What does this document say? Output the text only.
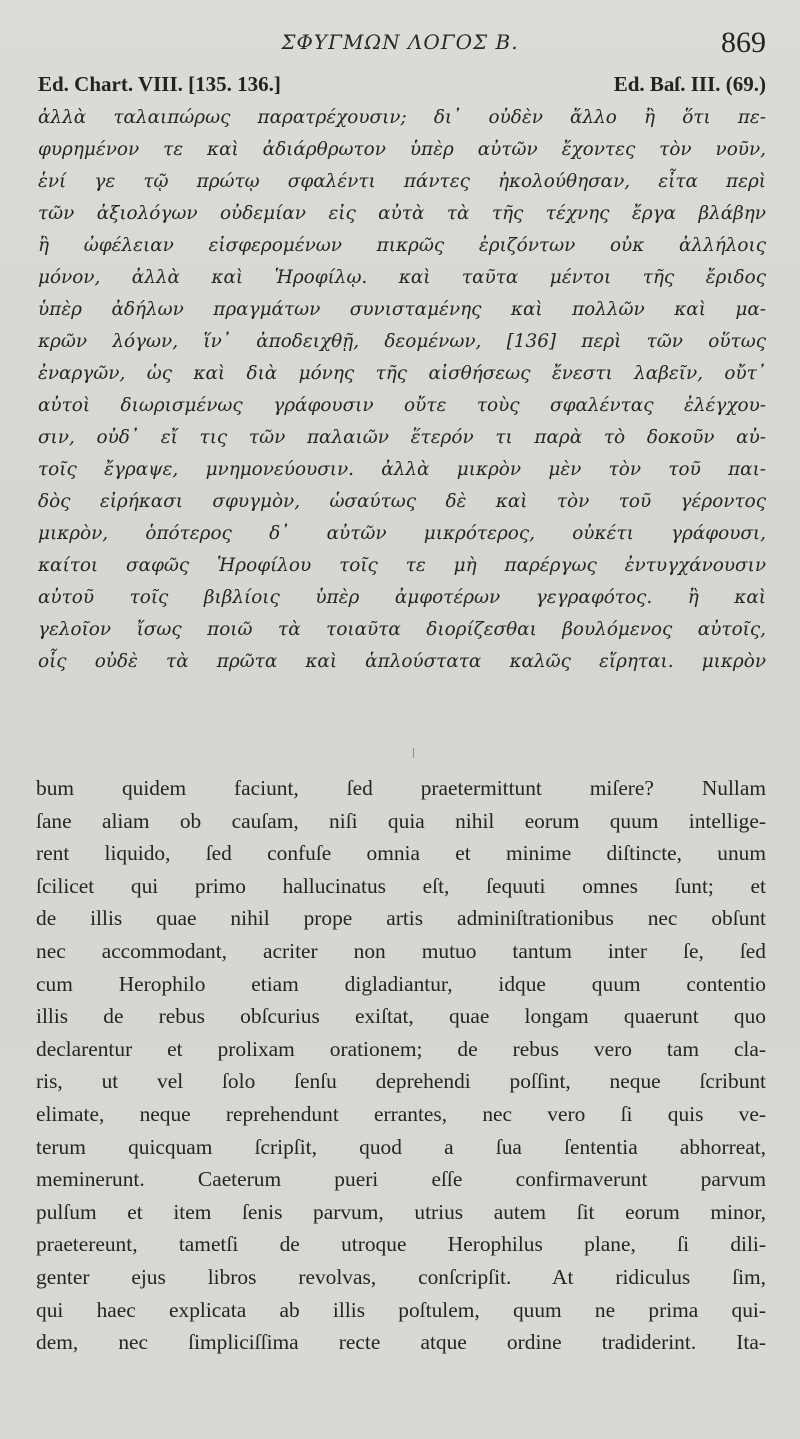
ΣΦΥΓΜΩΝ ΛΟΓΟΣ Β.	869
Ed. Chart. VIII. [135. 136.]	Ed. Baſ. III. (69.)
ἀλλὰ ταλαιπώρως παρατρέχουσιν; δι᾽ οὐδὲν ἄλλο ἢ ὅτι πε-
φυρημένον τε καὶ ἀδιάρθρωτον ὑπὲρ αὐτῶν ἔχοντες τὸν νοῦν,
ἑνί γε τῷ πρώτῳ σφαλέντι πάντες ἠκολούθησαν, εἶτα περὶ
τῶν ἀξιολόγων οὐδεμίαν εἰς αὐτὰ τὰ τῆς τέχνης ἔργα βλάβην
ἢ ὠφέλειαν εἰσφερομένων πικρῶς ἐριζόντων οὐκ ἀλλήλοις
μόνον, ἀλλὰ καὶ Ἡροφίλῳ. καὶ ταῦτα μέντοι τῆς ἔριδος
ὑπὲρ ἀδήλων πραγμάτων συνισταμένης καὶ πολλῶν καὶ μα-
κρῶν λόγων, ἵν᾽ ἀποδειχθῇ, δεομένων, [136] περὶ τῶν οὕτως
ἐναργῶν, ὡς καὶ διὰ μόνης τῆς αἰσθήσεως ἔνεστι λαβεῖν, οὔτ᾽
αὐτοὶ διωρισμένως γράφουσιν οὔτε τοὺς σφαλέντας ἐλέγχου-
σιν, οὐδ᾽ εἴ τις τῶν παλαιῶν ἕτερόν τι παρὰ τὸ δοκοῦν αὐ-
τοῖς ἔγραψε, μνημονεύουσιν. ἀλλὰ μικρὸν μὲν τὸν τοῦ παι-
δὸς εἰρήκασι σφυγμὸν, ὡσαύτως δὲ καὶ τὸν τοῦ γέροντος
μικρὸν, ὁπότερος δ᾽ αὐτῶν μικρότερος, οὐκέτι γράφουσι,
καίτοι σαφῶς Ἡροφίλου τοῖς τε μὴ παρέργως ἐντυγχάνουσιν
αὐτοῦ τοῖς βιβλίοις ὑπὲρ ἀμφοτέρων γεγραφότος. ἢ καὶ
γελοῖον ἴσως ποιῶ τὰ τοιαῦτα διορίζεσθαι βουλόμενος αὐτοῖς,
οἷς οὐδὲ τὰ πρῶτα καὶ ἁπλούστατα καλῶς εἴρηται. μικρὸν
bum quidem faciunt, ſed praetermittunt miſere? Nullam
ſane aliam ob cauſam, niſi quia nihil eorum quum intellige-
rent liquido, ſed confuſe omnia et minime diſtincte, unum
ſcilicet qui primo hallucinatus eſt, ſequuti omnes ſunt; et
de illis quae nihil prope artis adminiſtrationibus nec obſunt
nec accommodant, acriter non mutuo tantum inter ſe, ſed
cum Herophilo etiam digladiantur, idque quum contentio
illis de rebus obſcurius exiſtat, quae longam quaerunt quo
declarentur et prolixam orationem; de rebus vero tam cla-
ris, ut vel ſolo ſenſu deprehendi poſſint, neque ſcribunt
elimate, neque reprehendunt errantes, nec vero ſi quis ve-
terum quicquam ſcripſit, quod a ſua ſententia abhorreat,
meminerunt. Caeterum pueri eſſe confirmaverunt parvum
pulſum et item ſenis parvum, utrius autem ſit eorum minor,
praetereunt, tametſi de utroque Herophilus plane, ſi dili-
genter ejus libros revolvas, conſcripſit. At ridiculus ſim,
qui haec explicata ab illis poſtulem, quum ne prima qui-
dem, nec ſimpliciſſima recte atque ordine tradiderint. Ita-
